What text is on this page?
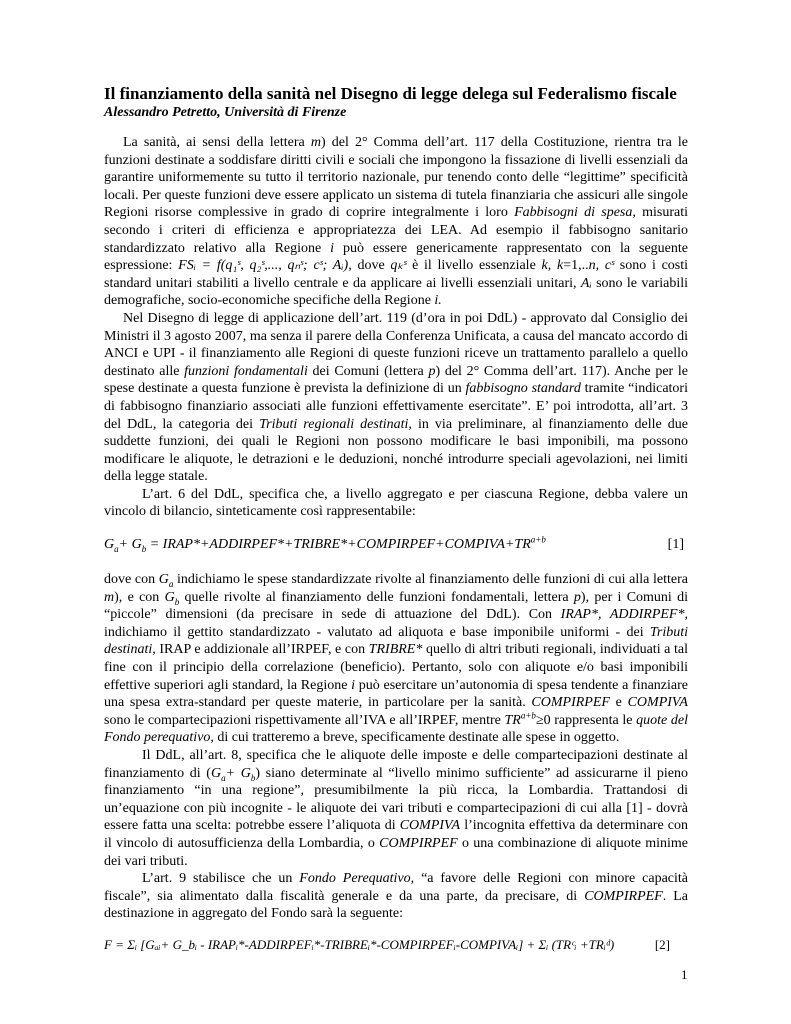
Il finanziamento della sanità nel Disegno di legge delega sul Federalismo fiscale

Alessandro Petretto, Università di Firenze

La sanità, ai sensi della lettera m) del 2° Comma dell’art. 117 della Costituzione, rientra tra le funzioni destinate a soddisfare diritti civili e sociali che impongono la fissazione di livelli essenziali da garantire uniformemente su tutto il territorio nazionale, pur tenendo conto delle “legittime” specificità locali. Per queste funzioni deve essere applicato un sistema di tutela finanziaria che assicuri alle singole Regioni risorse complessive in grado di coprire integralmente i loro Fabbisogni di spesa, misurati secondo i criteri di efficienza e appropriatezza dei LEA. Ad esempio il fabbisogno sanitario standardizzato relativo alla Regione i può essere genericamente rappresentato con la seguente espressione: FSᵢ = f(q₁ˢ, q₂ˢ,..., qₙˢ; cˢ; Aᵢ), dove qₖˢ è il livello essenziale k, k=1,..n, cˢ sono i costi standard unitari stabiliti a livello centrale e da applicare ai livelli essenziali unitari, Aᵢ sono le variabili demografiche, socio-economiche specifiche della Regione i.

Nel Disegno di legge di applicazione dell’art. 119 (d’ora in poi DdL) - approvato dal Consiglio dei Ministri il 3 agosto 2007, ma senza il parere della Conferenza Unificata, a causa del mancato accordo di ANCI e UPI - il finanziamento alle Regioni di queste funzioni riceve un trattamento parallelo a quello destinato alle funzioni fondamentali dei Comuni (lettera p) del 2° Comma dell’art. 117). Anche per le spese destinate a questa funzione è prevista la definizione di un fabbisogno standard tramite “indicatori di fabbisogno finanziario associati alle funzioni effettivamente esercitate”. E’ poi introdotta, all’art. 3 del DdL, la categoria dei Tributi regionali destinati, in via preliminare, al finanziamento delle due suddette funzioni, dei quali le Regioni non possono modificare le basi imponibili, ma possono modificare le aliquote, le detrazioni e le deduzioni, nonché introdurre speciali agevolazioni, nei limiti della legge statale.

L’art. 6 del DdL, specifica che, a livello aggregato e per ciascuna Regione, debba valere un vincolo di bilancio, sinteticamente così rappresentabile:

$G_a+ G_b$ = $IRAP*+ADDIRPEF*+TRIBRE*+COMPIRPEF+COMPIVA+TR^{a+b}$	[1]

dove con $G_a$ indichiamo le spese standardizzate rivolte al finanziamento delle funzioni di cui alla lettera m), e con $G_b$ quelle rivolte al finanziamento delle funzioni fondamentali, lettera p), per i Comuni di “piccole” dimensioni (da precisare in sede di attuazione del DdL). Con IRAP*, ADDIRPEF*, indichiamo il gettito standardizzato - valutato ad aliquota e base imponibile uniformi - dei Tributi destinati, IRAP e addizionale all’IRPEF, e con TRIBRE* quello di altri tributi regionali, individuati a tal fine con il principio della correlazione (beneficio). Pertanto, solo con aliquote e/o basi imponibili effettive superiori agli standard, la Regione i può esercitare un’autonomia di spesa tendente a finanziare una spesa extra-standard per queste materie, in particolare per la sanità. COMPIRPEF e COMPIVA sono le compartecipazioni rispettivamente all’IVA e all’IRPEF, mentre $TR^{a+b}\ge 0$ rappresenta le quote del Fondo perequativo, di cui tratteremo a breve, specificamente destinate alle spese in oggetto.

Il DdL, all’art. 8, specifica che le aliquote delle imposte e delle compartecipazioni destinate al finanziamento di $(G_a+ G_b)$ siano determinate al “livello minimo sufficiente” ad assicurarne il pieno finanziamento “in una regione”, presumibilmente la più ricca, la Lombardia. Trattandosi di un’equazione con più incognite - le aliquote dei vari tributi e compartecipazioni di cui alla [1] - dovrà essere fatta una scelta: potrebbe essere l’aliquota di COMPIVA l’incognita effettiva da determinare con il vincolo di autosufficienza della Lombardia, o COMPIRPEF o una combinazione di aliquote minime dei vari tributi.

L’art. 9 stabilisce che un Fondo Perequativo, “a favore delle Regioni con minore capacità fiscale”, sia alimentato dalla fiscalità generale e da una parte, da precisare, di COMPIRPEF. La destinazione in aggregato del Fondo sarà la seguente:

F = Σᵢ [Gₐᵢ+ G_bᵢ - IRAPᵢ*-ADDIRPEFᵢ*-TRIBREᵢ*-COMPIRPEFᵢ-COMPIVAᵢ] + Σᵢ (TRᶜᵢ +TRᵢᵈ)	[2]
1
